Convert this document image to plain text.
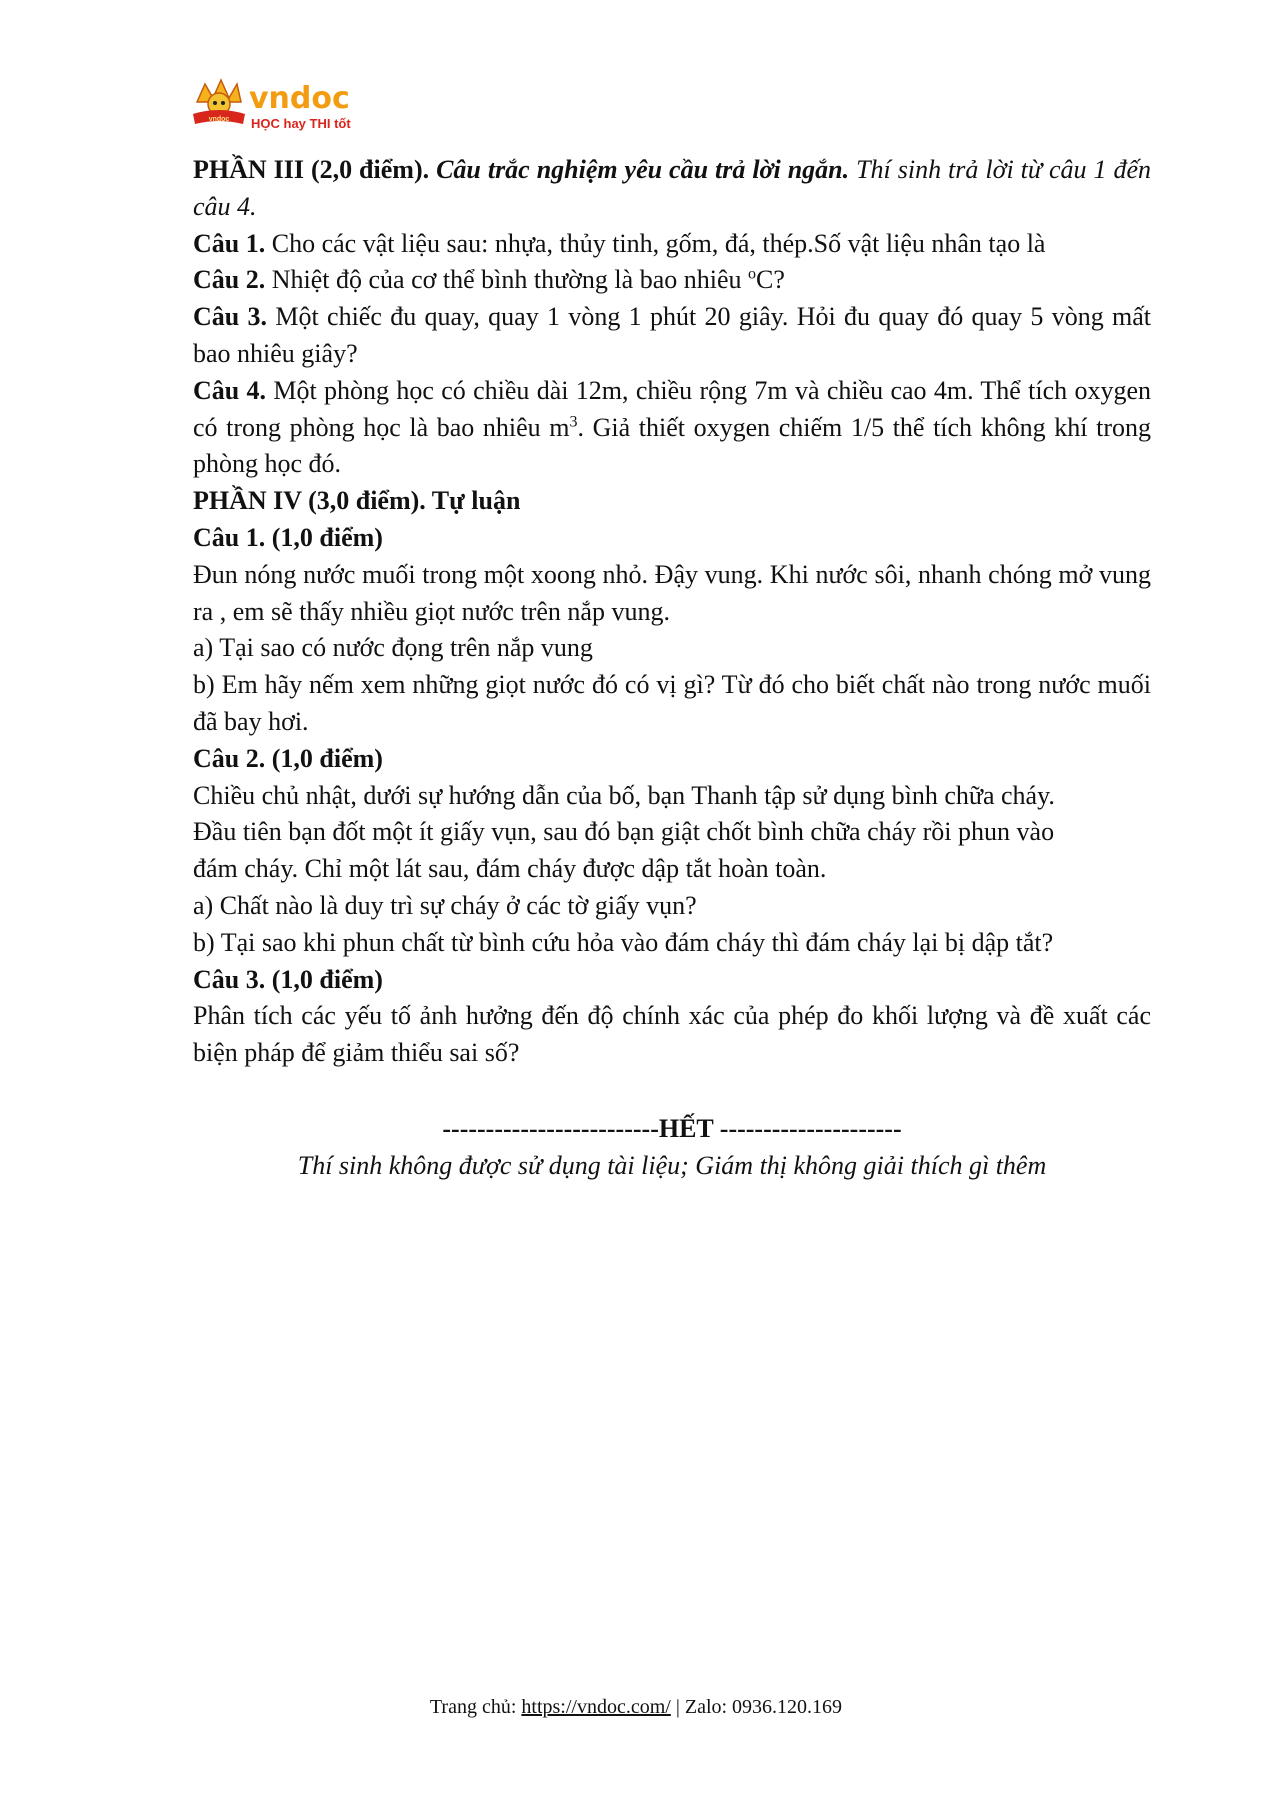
vndoc
vndoc
HỌC hay THI tốt

PHẦN III (2,0 điểm). Câu trắc nghiệm yêu cầu trả lời ngắn. Thí sinh trả lời từ câu 1 đến câu 4.

Câu 1. Cho các vật liệu sau: nhựa, thủy tinh, gốm, đá, thép.Số vật liệu nhân tạo là

Câu 2. Nhiệt độ của cơ thể bình thường là bao nhiêu $^o$C?

Câu 3. Một chiếc đu quay, quay 1 vòng 1 phút 20 giây. Hỏi đu quay đó quay 5 vòng mất bao nhiêu giây?

Câu 4. Một phòng học có chiều dài 12m, chiều rộng 7m và chiều cao 4m. Thể tích oxygen có trong phòng học là bao nhiêu $m^3$. Giả thiết oxygen chiếm 1/5 thể tích không khí trong phòng học đó.

PHẦN IV (3,0 điểm). Tự luận

Câu 1. (1,0 điểm)

Đun nóng nước muối trong một xoong nhỏ. Đậy vung. Khi nước sôi, nhanh chóng mở vung ra , em sẽ thấy nhiều giọt nước trên nắp vung.

a) Tại sao có nước đọng trên nắp vung

b) Em hãy nếm xem những giọt nước đó có vị gì? Từ đó cho biết chất nào trong nước muối đã bay hơi.

Câu 2. (1,0 điểm)

Chiều chủ nhật, dưới sự hướng dẫn của bố, bạn Thanh tập sử dụng bình chữa cháy.

Đầu tiên bạn đốt một ít giấy vụn, sau đó bạn giật chốt bình chữa cháy rồi phun vào

đám cháy. Chỉ một lát sau, đám cháy được dập tắt hoàn toàn.

a) Chất nào là duy trì sự cháy ở các tờ giấy vụn?

b) Tại sao khi phun chất từ bình cứu hỏa vào đám cháy thì đám cháy lại bị dập tắt?

Câu 3. (1,0 điểm)

Phân tích các yếu tố ảnh hưởng đến độ chính xác của phép đo khối lượng và đề xuất các biện pháp để giảm thiểu sai số?

-------------------------HẾT ---------------------
Thí sinh không được sử dụng tài liệu; Giám thị không giải thích gì thêm
Trang chủ: https://vndoc.com/ | Zalo: 0936.120.169
